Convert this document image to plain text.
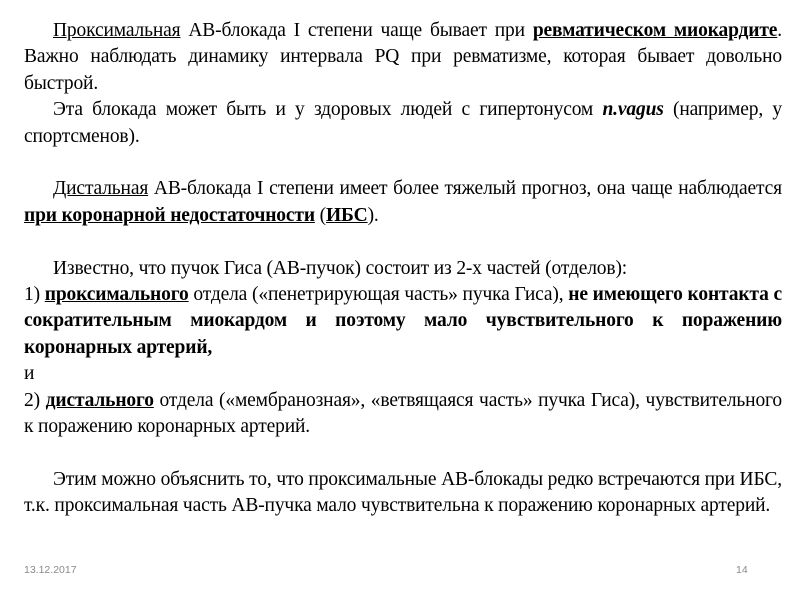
Проксимальная АВ-блокада I степени чаще бывает при ревматическом миокардите. Важно наблюдать динамику интервала PQ при ревматизме, которая бывает довольно быстрой.

Эта блокада может быть и у здоровых людей с гипертонусом n.vagus (например, у спортсменов).

Дистальная АВ-блокада I степени имеет более тяжелый прогноз, она чаще наблюдается при коронарной недостаточности (ИБС).

Известно, что пучок Гиса (АВ-пучок) состоит из 2-х частей (отделов):

1) проксимального отдела («пенетрирующая часть» пучка Гиса), не имеющего контакта с сократительным миокардом и поэтому мало чувствительного к поражению коронарных артерий,

и

2) дистального отдела («мембранозная», «ветвящаяся часть» пучка Гиса), чувствительного к поражению коронарных артерий.

Этим можно объяснить то, что проксимальные АВ-блокады редко встречаются при ИБС, т.к. проксимальная часть АВ-пучка мало чувствительна к поражению коронарных артерий.

13.12.2017	14
